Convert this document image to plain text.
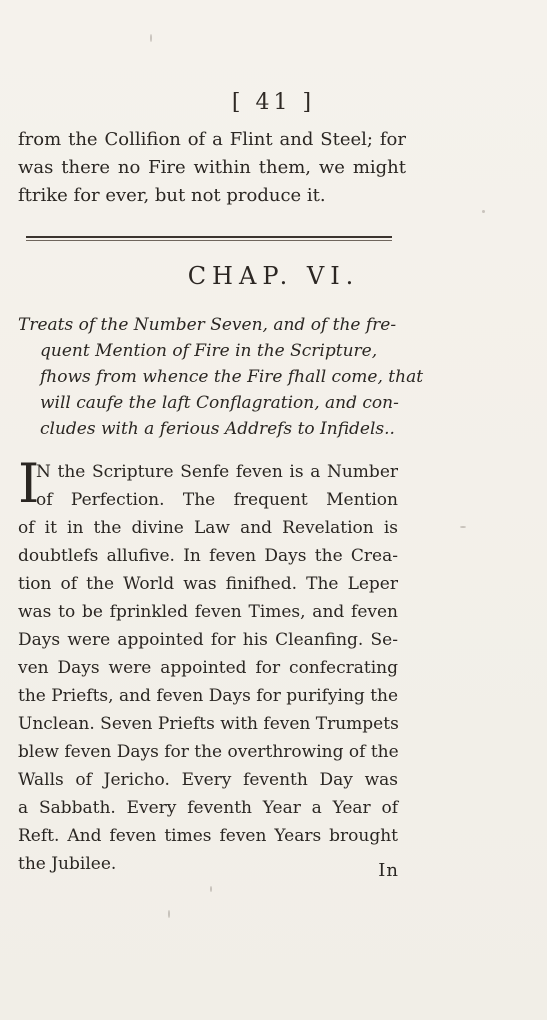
[ 41 ]
from the Collifion of a Flint and Steel; for
was there no Fire within them, we might
ftrike for ever, but not produce it.
CHAP. VI.
Treats of the Number Seven, and of the fre-
quent Mention of Fire in the Scripture,
fhows from whence the Fire fhall come, that
will caufe the laft Conflagration, and con-
cludes with a ferious Addrefs to Infidels..
I
N the Scripture Senfe feven is a Number
of Perfection. The frequent Mention
of it in the divine Law and Revelation is
doubtlefs allufive. In feven Days the Crea-
tion of the World was finifhed. The Leper
was to be fprinkled feven Times, and feven
Days were appointed for his Cleanfing. Se-
ven Days were appointed for confecrating
the Priefts, and feven Days for purifying the
Unclean. Seven Priefts with feven Trumpets
blew feven Days for the overthrowing of the
Walls of Jericho. Every feventh Day was
a Sabbath. Every feventh Year a Year of
Reft. And feven times feven Years brought
the Jubilee.	In
